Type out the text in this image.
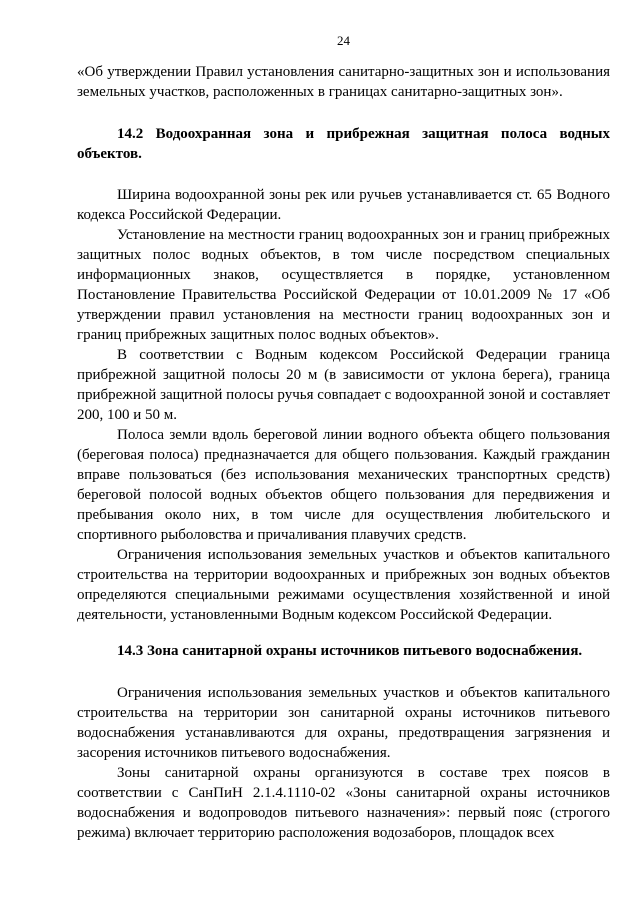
24

«Об утверждении Правил установления санитарно-защитных зон и использования земельных участков, расположенных в границах санитарно-защитных зон».

14.2 Водоохранная зона и прибрежная защитная полоса водных объектов.

Ширина водоохранной зоны рек или ручьев устанавливается ст. 65 Водного кодекса Российской Федерации.

Установление на местности границ водоохранных зон и границ прибрежных защитных полос водных объектов, в том числе посредством специальных информационных знаков, осуществляется в порядке, установленном Постановление Правительства Российской Федерации от 10.01.2009 № 17 «Об утверждении правил установления на местности границ водоохранных зон и границ прибрежных защитных полос водных объектов».

В соответствии с Водным кодексом Российской Федерации граница прибрежной защитной полосы 20 м (в зависимости от уклона берега), граница прибрежной защитной полосы ручья совпадает с водоохранной зоной и составляет 200, 100 и 50 м.

Полоса земли вдоль береговой линии водного объекта общего пользования (береговая полоса) предназначается для общего пользования. Каждый гражданин вправе пользоваться (без использования механических транспортных средств) береговой полосой водных объектов общего пользования для передвижения и пребывания около них, в том числе для осуществления любительского и спортивного рыболовства и причаливания плавучих средств.

Ограничения использования земельных участков и объектов капитального строительства на территории водоохранных и прибрежных зон водных объектов определяются специальными режимами осуществления хозяйственной и иной деятельности, установленными Водным кодексом Российской Федерации.

14.3 Зона санитарной охраны источников питьевого водоснабжения.

Ограничения использования земельных участков и объектов капитального строительства на территории зон санитарной охраны источников питьевого водоснабжения устанавливаются для охраны, предотвращения загрязнения и засорения источников питьевого водоснабжения.

Зоны санитарной охраны организуются в составе трех поясов в соответствии с СанПиН 2.1.4.1110-02 «Зоны санитарной охраны источников водоснабжения и водопроводов питьевого назначения»: первый пояс (строгого режима) включает территорию расположения водозаборов, площадок всех
